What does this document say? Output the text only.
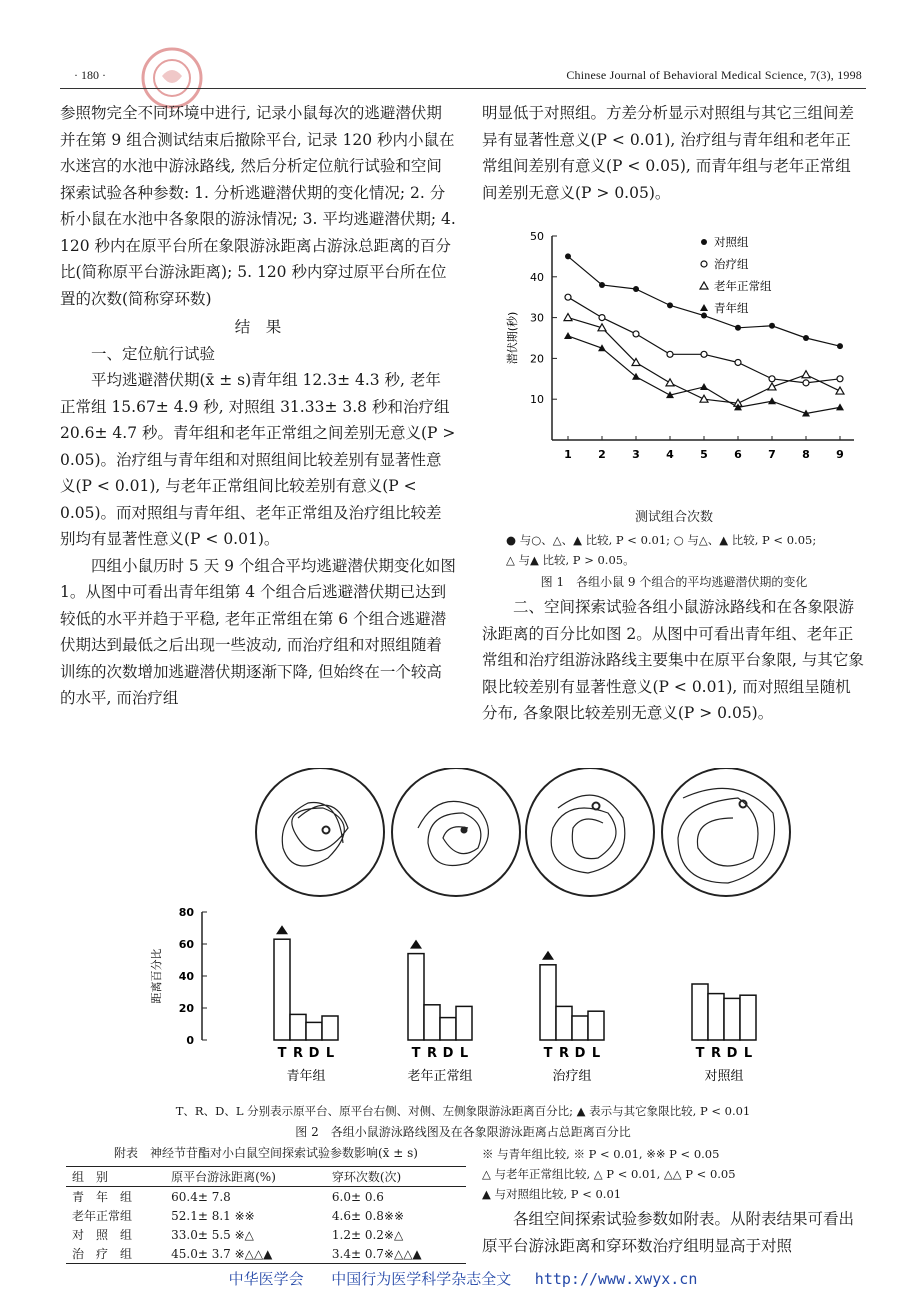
· 180 ·	Chinese Journal of Behavioral Medical Science, 7(3), 1998

参照物完全不同环境中进行, 记录小鼠每次的逃避潜伏期并在第 9 组合测试结束后撤除平台, 记录 120 秒内小鼠在水迷宫的水池中游泳路线, 然后分析定位航行试验和空间探索试验各种参数: 1. 分析逃避潜伏期的变化情况; 2. 分析小鼠在水池中各象限的游泳情况; 3. 平均逃避潜伏期; 4. 120 秒内在原平台所在象限游泳距离占游泳总距离的百分比(简称原平台游泳距离); 5. 120 秒内穿过原平台所在位置的次数(简称穿环数)

结　果

一、定位航行试验

平均逃避潜伏期(x̄ ± s)青年组 12.3± 4.3 秒, 老年正常组 15.67± 4.9 秒, 对照组 31.33± 3.8 秒和治疗组 20.6± 4.7 秒。青年组和老年正常组之间差别无意义(P > 0.05)。治疗组与青年组和对照组间比较差别有显著性意义(P < 0.01), 与老年正常组间比较差别有意义(P < 0.05)。而对照组与青年组、老年正常组及治疗组比较差别均有显著性意义(P < 0.01)。

四组小鼠历时 5 天 9 个组合平均逃避潜伏期变化如图 1。从图中可看出青年组第 4 个组合后逃避潜伏期已达到较低的水平并趋于平稳, 老年正常组在第 6 个组合逃避潜伏期达到最低之后出现一些波动, 而治疗组和对照组随着训练的次数增加逃避潜伏期逐渐下降, 但始终在一个较高的水平, 而治疗组

明显低于对照组。方差分析显示对照组与其它三组间差异有显著性意义(P < 0.01), 治疗组与青年组和老年正常组间差别有意义(P < 0.05), 而青年组与老年正常组间差别无意义(P > 0.05)。

10
20
30
40
50
1 2 3 4 5 6 7 8 9
潜伏期(秒)
对照组
治疗组
老年正常组
青年组
测试组合次数
● 与○、△、▲ 比较, P < 0.01; ○ 与△、▲ 比较, P < 0.05;
△ 与▲ 比较, P > 0.05。
图 1　各组小鼠 9 个组合的平均逃避潜伏期的变化

二、空间探索试验各组小鼠游泳路线和在各象限游泳距离的百分比如图 2。从图中可看出青年组、老年正常组和治疗组游泳路线主要集中在原平台象限, 与其它象限比较差别有显著性意义(P < 0.01), 而对照组呈随机分布, 各象限比较差别无意义(P > 0.05)。

0
20
40
60
80
距离百分比
T R D L
青年组
T R D L
老年正常组
T R D L
治疗组
T R D L
对照组
T、R、D、L 分别表示原平台、原平台右侧、对侧、左侧象限游泳距离百分比; ▲ 表示与其它象限比较, P < 0.01
图 2　各组小鼠游泳路线图及在各象限游泳距离占总距离百分比
附表　神经节苷酯对小白鼠空间探索试验参数影响(x̄ ± s)
组　别	原平台游泳距离(%)	穿环次数(次)
青　年　组	60.4± 7.8	6.0± 0.6
老年正常组	52.1± 8.1 ※※	4.6± 0.8※※
对　照　组	33.0± 5.5 ※△	1.2± 0.2※△
治　疗　组	45.0± 3.7 ※△△▲	3.4± 0.7※△△▲
※ 与青年组比较, ※ P < 0.01, ※※ P < 0.05
△ 与老年正常组比较, △ P < 0.01, △△ P < 0.05
▲ 与对照组比较, P < 0.01

各组空间探索试验参数如附表。从附表结果可看出原平台游泳距离和穿环数治疗组明显高于对照

中华医学会 中国行为医学科学杂志全文 http://www.xwyx.cn
